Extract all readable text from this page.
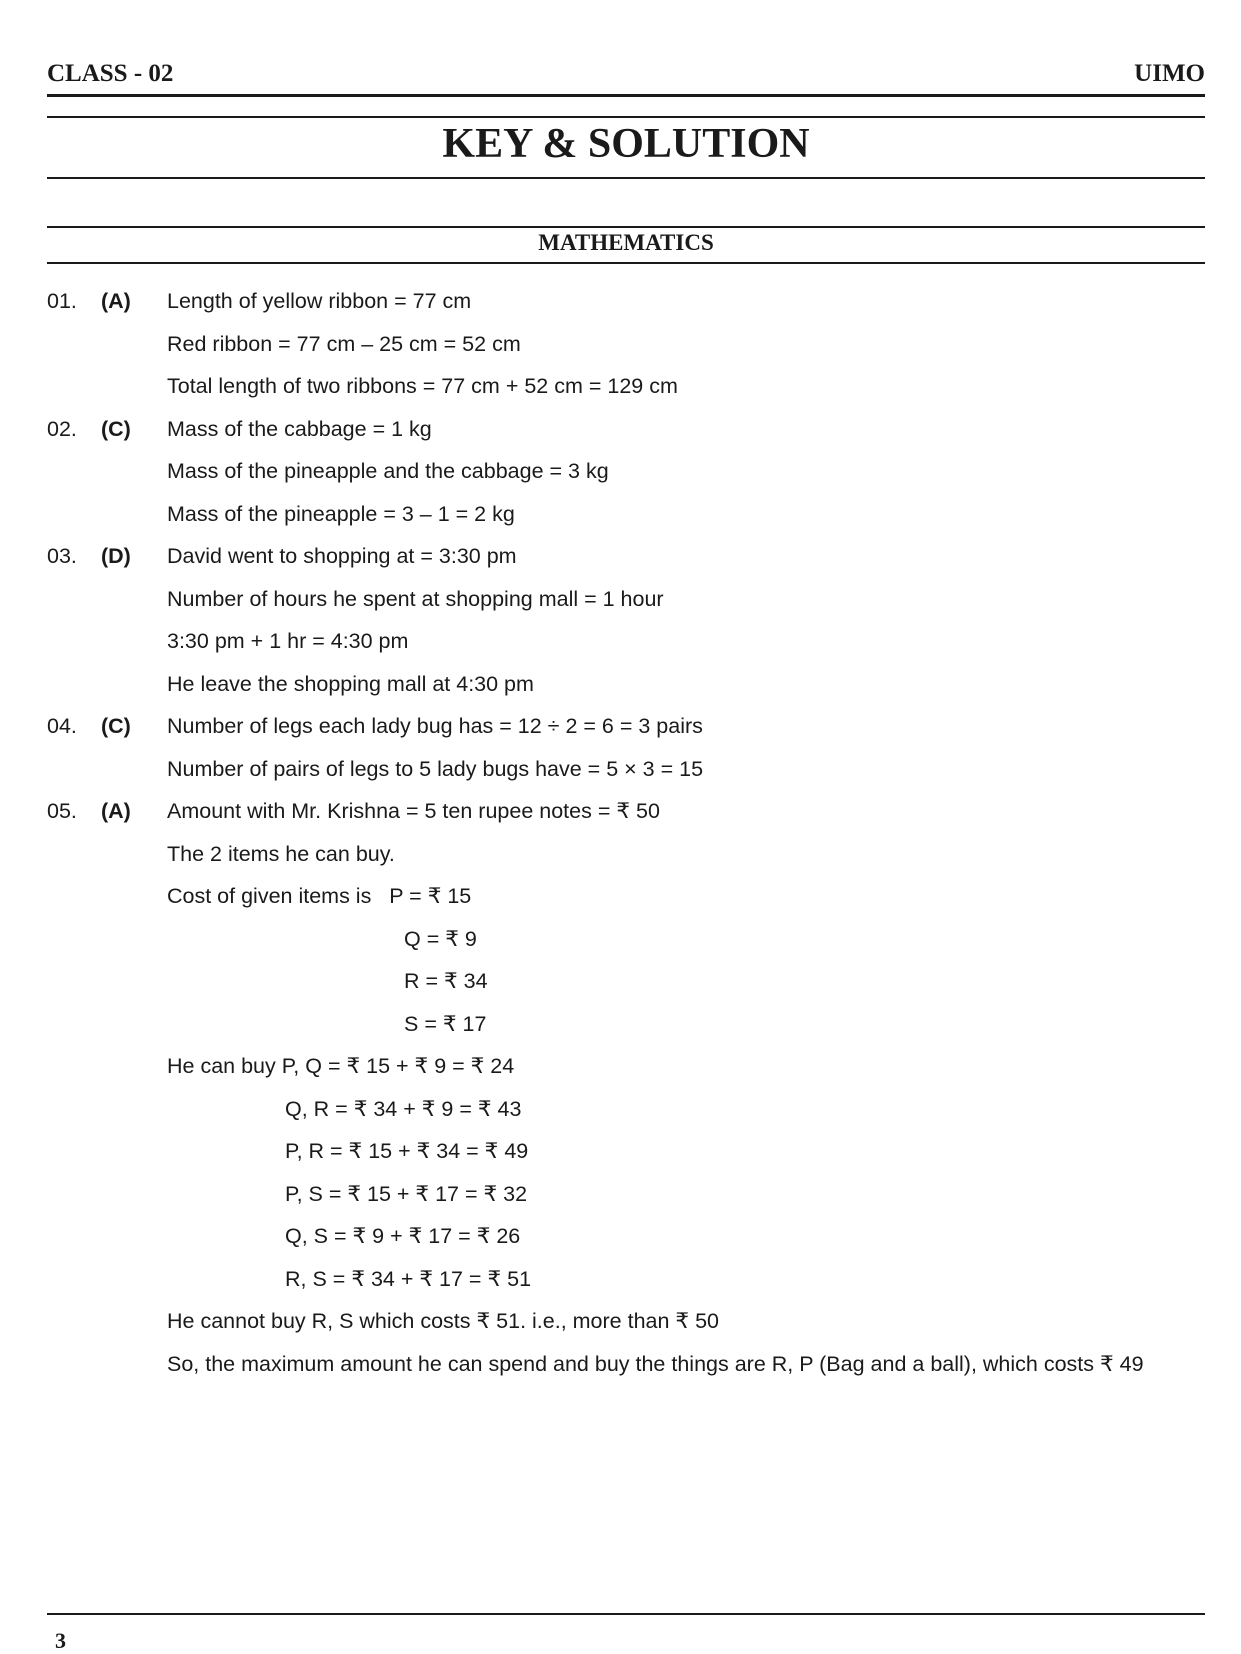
CLASS - 02	UIMO
KEY & SOLUTION
MATHEMATICS
01. (A) Length of yellow ribbon = 77 cm
Red ribbon = 77 cm – 25 cm = 52 cm
Total length of two ribbons = 77 cm + 52 cm = 129 cm
02. (C) Mass of the cabbage = 1 kg
Mass of the pineapple and the cabbage = 3 kg
Mass of the pineapple = 3 – 1 = 2 kg
03. (D) David went to shopping at = 3:30 pm
Number of hours he spent at shopping mall = 1 hour
3:30 pm + 1 hr = 4:30 pm
He leave the shopping mall at 4:30 pm
04. (C) Number of legs each lady bug has = 12 ÷ 2 = 6 = 3 pairs
Number of pairs of legs to 5 lady bugs have = 5 × 3 = 15
05. (A) Amount with Mr. Krishna = 5 ten rupee notes = ₹ 50
The 2 items he can buy.
Cost of given items is   P = ₹ 15
Q = ₹ 9
R = ₹ 34
S = ₹ 17
He can buy P, Q = ₹ 15 + ₹ 9 = ₹ 24
Q, R = ₹ 34 + ₹ 9 = ₹ 43
P, R = ₹ 15 + ₹ 34 = ₹ 49
P, S = ₹ 15 + ₹ 17 = ₹ 32
Q, S = ₹ 9 + ₹ 17 = ₹ 26
R, S = ₹ 34 + ₹ 17 = ₹ 51
He cannot buy R, S which costs ₹ 51. i.e., more than ₹ 50
So, the maximum amount he can spend and buy the things are R, P (Bag and a ball), which costs ₹ 49
3
